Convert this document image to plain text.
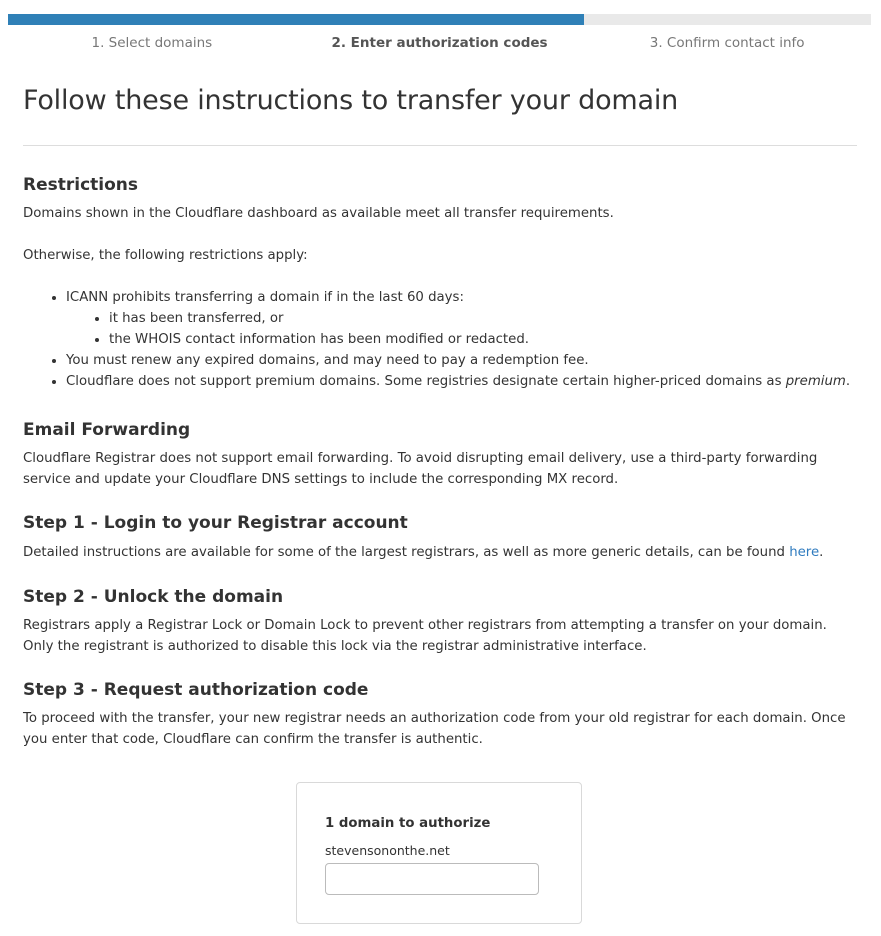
1. Select domains	2. Enter authorization codes	3. Confirm contact info
Follow these instructions to transfer your domain
Restrictions

Domains shown in the Cloudflare dashboard as available meet all transfer requirements.

Otherwise, the following restrictions apply:

• ICANN prohibits transferring a domain if in the last 60 days:
• it has been transferred, or
• the WHOIS contact information has been modified or redacted.
• You must renew any expired domains, and may need to pay a redemption fee.
• Cloudflare does not support premium domains. Some registries designate certain higher-priced domains as premium.
Email Forwarding

Cloudflare Registrar does not support email forwarding. To avoid disrupting email delivery, use a third-party forwarding service and update your Cloudflare DNS settings to include the corresponding MX record.

Step 1 - Login to your Registrar account

Detailed instructions are available for some of the largest registrars, as well as more generic details, can be found here.

Step 2 - Unlock the domain

Registrars apply a Registrar Lock or Domain Lock to prevent other registrars from attempting a transfer on your domain. Only the registrant is authorized to disable this lock via the registrar administrative interface.

Step 3 - Request authorization code

To proceed with the transfer, your new registrar needs an authorization code from your old registrar for each domain. Once you enter that code, Cloudflare can confirm the transfer is authentic.

1 domain to authorize
stevensononthe.net
